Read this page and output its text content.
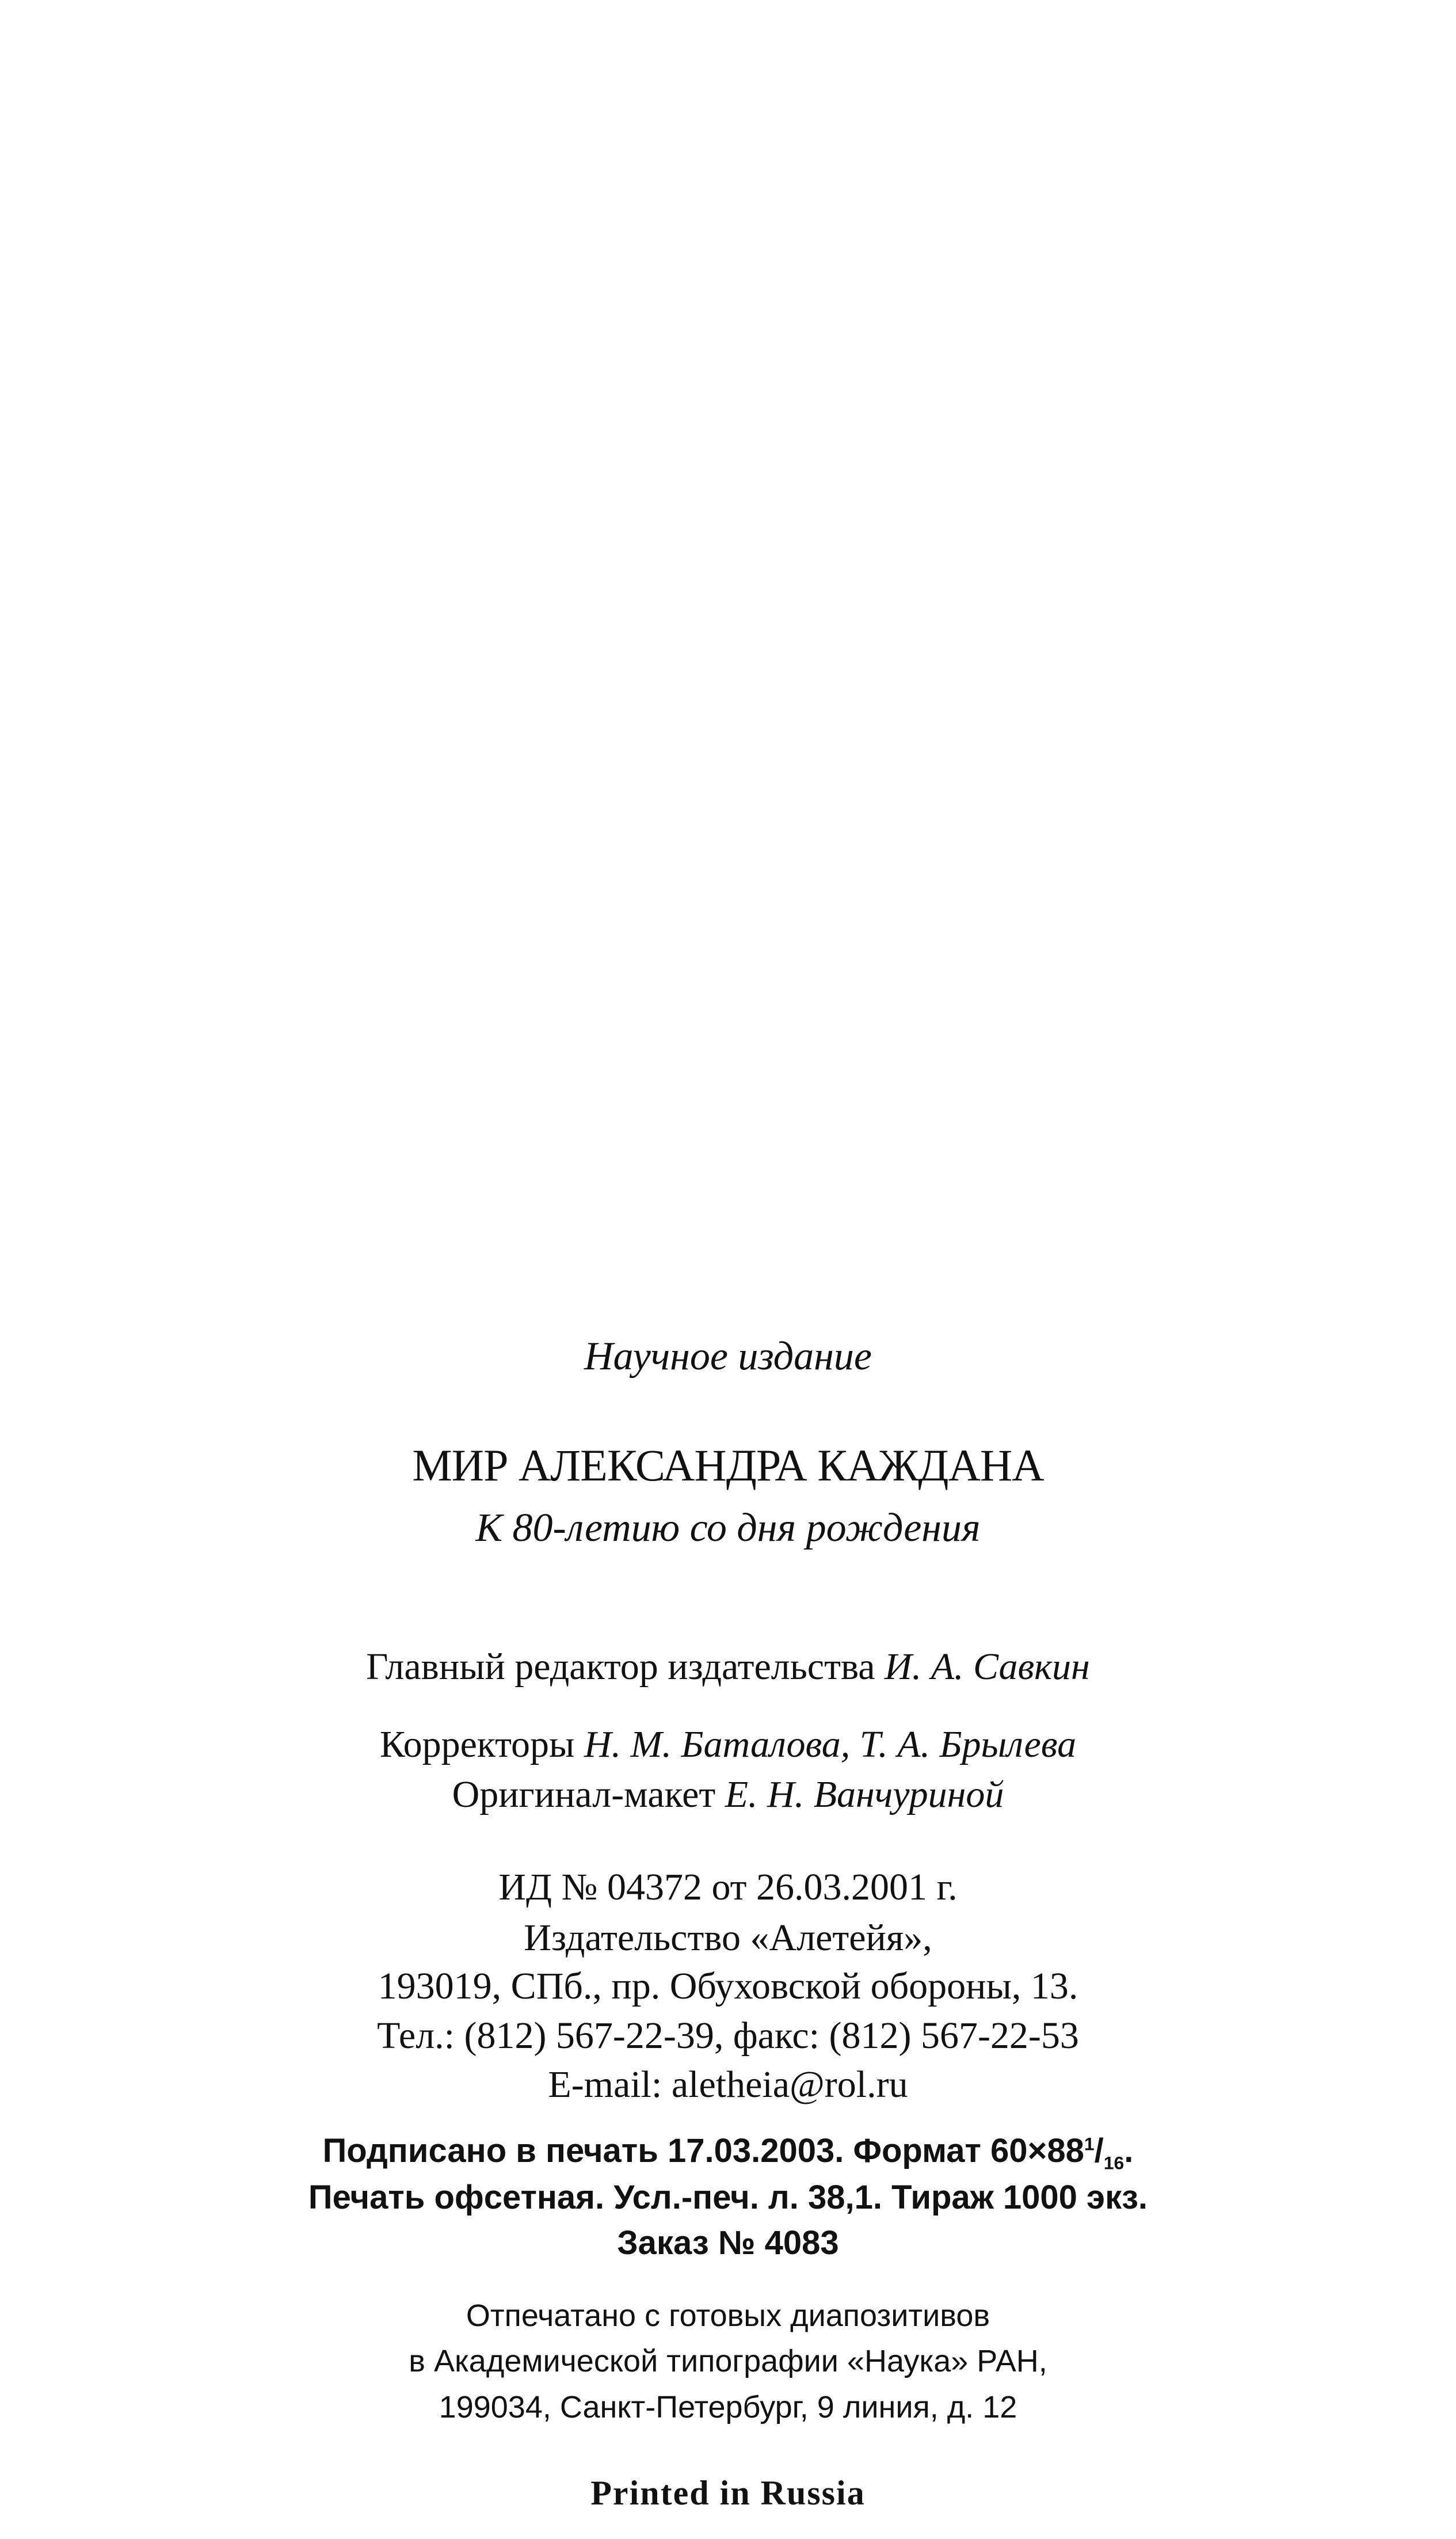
Научное издание
МИР АЛЕКСАНДРА КАЖДАНА
К 80-летию со дня рождения
Главный редактор издательства И. А. Савкин
Корректоры Н. М. Баталова, Т. А. Брылева
Оригинал-макет Е. Н. Ванчуриной
ИД № 04372 от 26.03.2001 г.
Издательство «Алетейя»,
193019, СПб., пр. Обуховской обороны, 13.
Тел.: (812) 567-22-39, факс: (812) 567-22-53
E-mail: aletheia@rol.ru
Подписано в печать 17.03.2003. Формат $60\times 88^1/_{16}$.
Печать офсетная. Усл.-печ. л. 38,1. Тираж 1000 экз.
Заказ № 4083
Отпечатано с готовых диапозитивов
в Академической типографии «Наука» РАН,
199034, Санкт-Петербург, 9 линия, д. 12
Printed in Russia
